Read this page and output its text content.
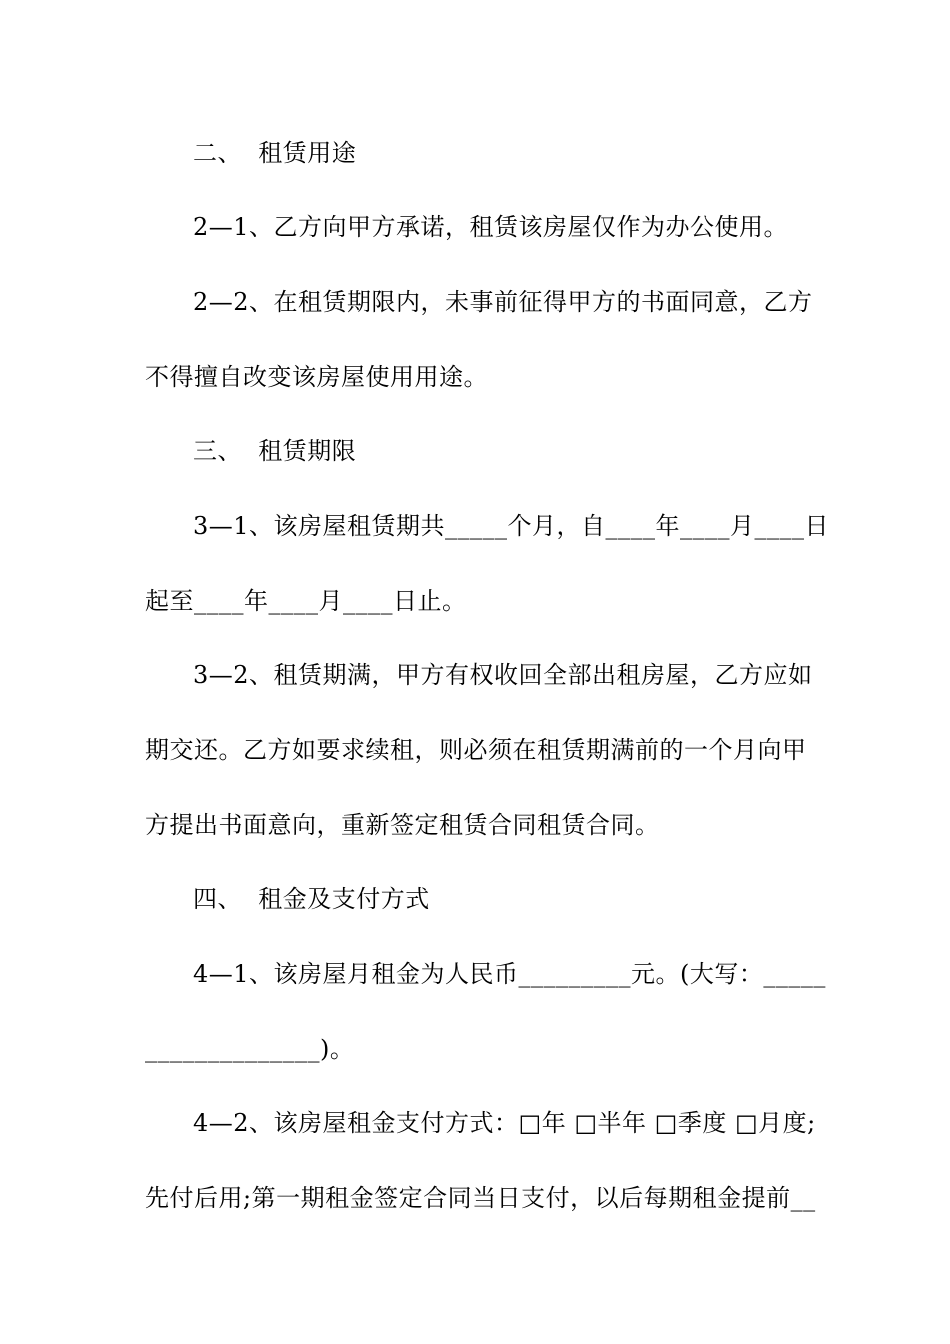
二、  租赁用途
2—1、乙方向甲方承诺，租赁该房屋仅作为办公使用。
2—2、在租赁期限内，未事前征得甲方的书面同意，乙方
不得擅自改变该房屋使用用途。
三、  租赁期限
3—1、该房屋租赁期共_____个月，自____年____月____日
起至____年____月____日止。
3—2、租赁期满，甲方有权收回全部出租房屋，乙方应如
期交还。乙方如要求续租，则必须在租赁期满前的一个月向甲
方提出书面意向，重新签定租赁合同租赁合同。
四、  租金及支付方式
4—1、该房屋月租金为人民币_________元。(大写：_____
______________)。
4—2、该房屋租金支付方式：□年 □半年 □季度 □月度;
先付后用;第一期租金签定合同当日支付，以后每期租金提前__
